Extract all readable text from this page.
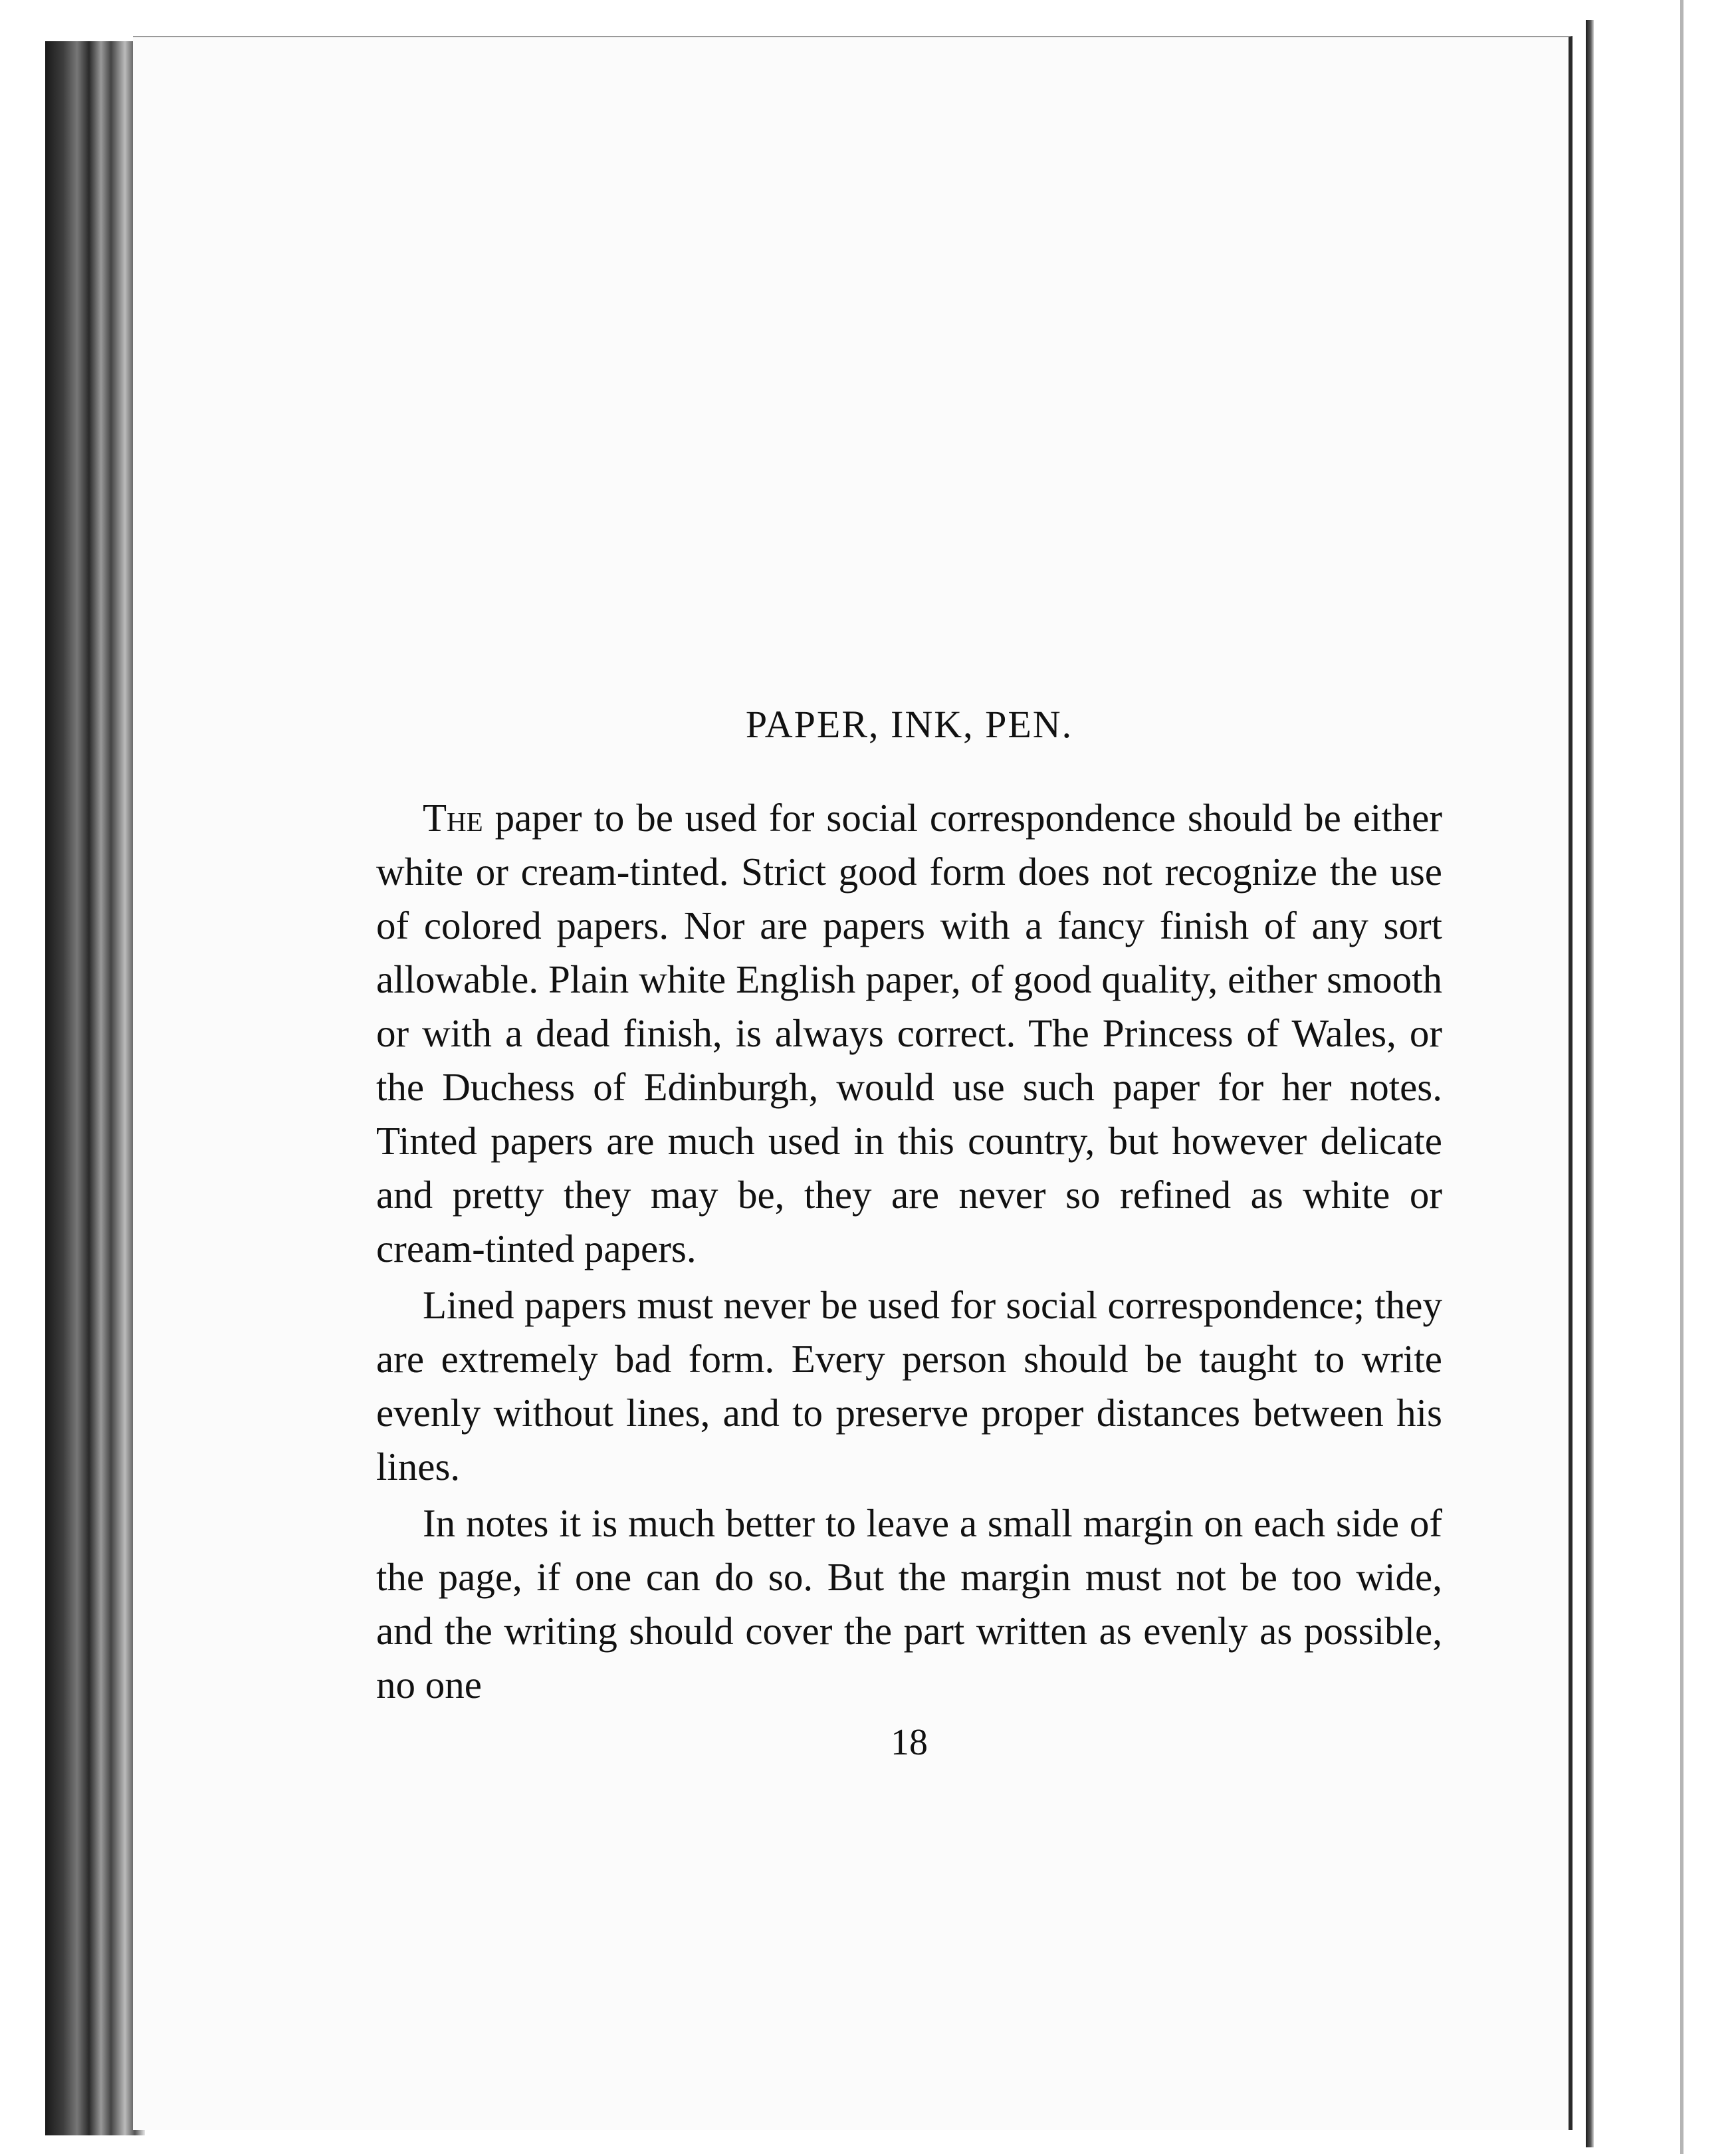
PAPER, INK, PEN.

The paper to be used for social correspondence should be either white or cream-tinted. Strict good form does not recognize the use of colored papers. Nor are papers with a fancy finish of any sort allowable. Plain white English paper, of good quality, either smooth or with a dead finish, is always correct. The Princess of Wales, or the Duchess of Edinburgh, would use such paper for her notes. Tinted papers are much used in this country, but however delicate and pretty they may be, they are never so refined as white or cream-tinted papers.

Lined papers must never be used for social correspondence; they are extremely bad form. Every person should be taught to write evenly without lines, and to preserve proper distances between his lines.

In notes it is much better to leave a small margin on each side of the page, if one can do so. But the margin must not be too wide, and the writing should cover the part written as evenly as possible, no one

18
